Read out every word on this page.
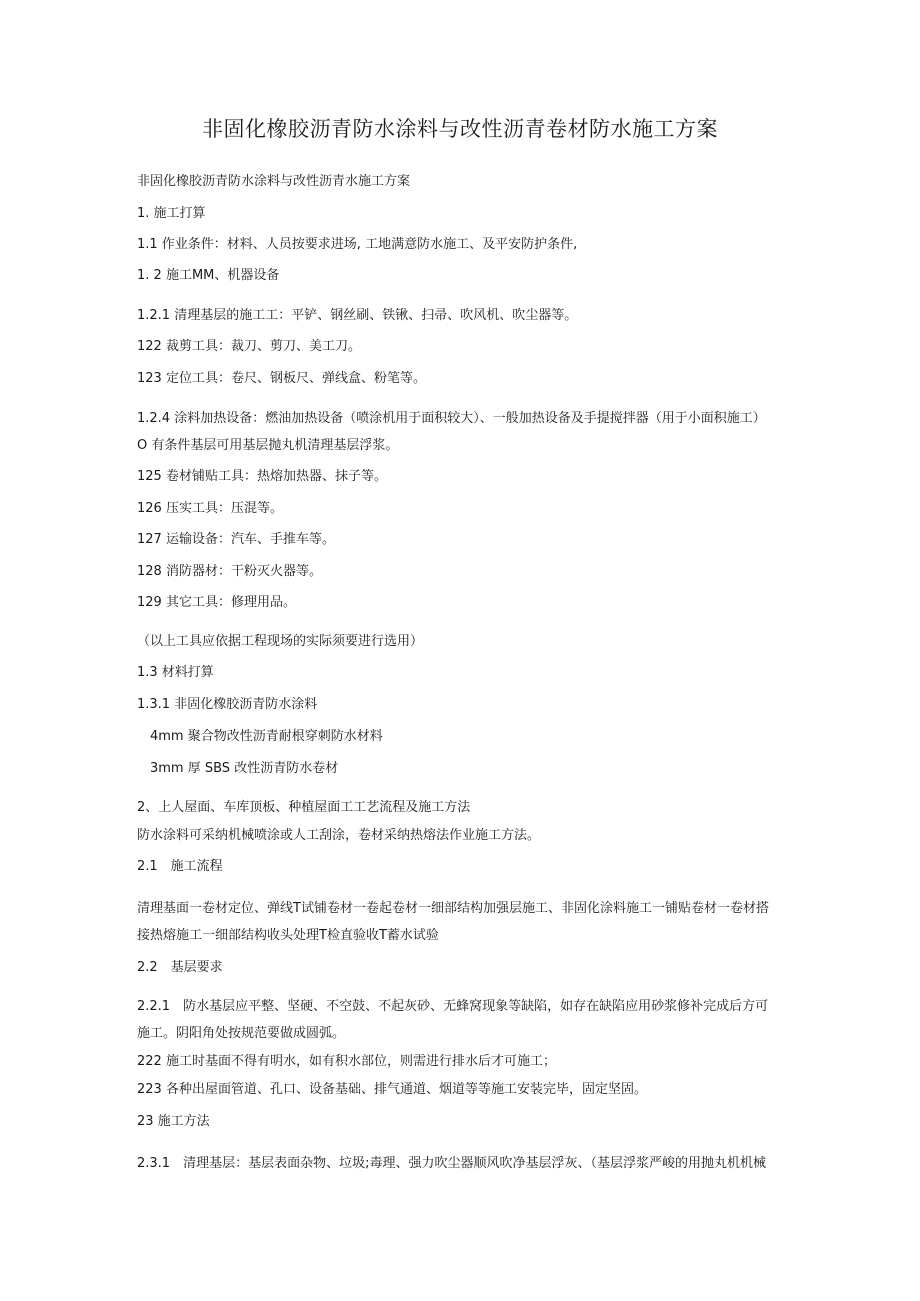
非固化橡胶沥青防水涂料与改性沥青卷材防水施工方案
非固化橡胶沥青防水涂料与改性沥青水施工方案
1. 施工打算
1.1 作业条件：材料、人员按要求进场, 工地满意防水施工、及平安防护条件,
1. 2 施工MM、机器设备
1.2.1 清理基层的施工工：平铲、钢丝刷、铁锹、扫帚、吹风机、吹尘器等。
122 裁剪工具：裁刀、剪刀、美工刀。
123 定位工具：卷尺、钢板尺、弹线盒、粉笔等。
1.2.4 涂料加热设备：燃油加热设备（喷涂机用于面积较大）、一般加热设备及手提搅拌器（用于小面积施工）
O 有条件基层可用基层抛丸机清理基层浮浆。
125 卷材铺贴工具：热熔加热器、抹子等。
126 压实工具：压混等。
127 运输设备：汽车、手推车等。
128 消防器材：干粉灭火器等。
129 其它工具：修理用品。
（以上工具应依据工程现场的实际须要进行选用）
1.3 材料打算
1.3.1 非固化橡胶沥青防水涂料
4mm 聚合物改性沥青耐根穿刺防水材料
3mm 厚 SBS 改性沥青防水卷材
2、上人屋面、车库顶板、种植屋面工工艺流程及施工方法
防水涂料可采纳机械喷涂或人工刮涂，卷材采纳热熔法作业施工方法。
2.1　施工流程
清理基面一卷材定位、弹线T试铺卷材一卷起卷材一细部结构加强层施工、非固化涂料施工一铺贴卷材一卷材搭
接热熔施工一细部结构收头处理T检直验收T蓄水试验
2.2　基层要求
2.2.1　防水基层应平整、坚硬、不空鼓、不起灰砂、无蜂窝现象等缺陷，如存在缺陷应用砂浆修补完成后方可
施工。阴阳角处按规范要做成圆弧。
222 施工时基面不得有明水，如有积水部位，则需进行排水后才可施工；
223 各种出屋面管道、孔口、设备基础、排气通道、烟道等等施工安装完毕，固定坚固。
23 施工方法
2.3.1　清理基层：基层表面杂物、垃圾;毒理、强力吹尘器顺风吹净基层浮灰、（基层浮浆严峻的用抛丸机机械
